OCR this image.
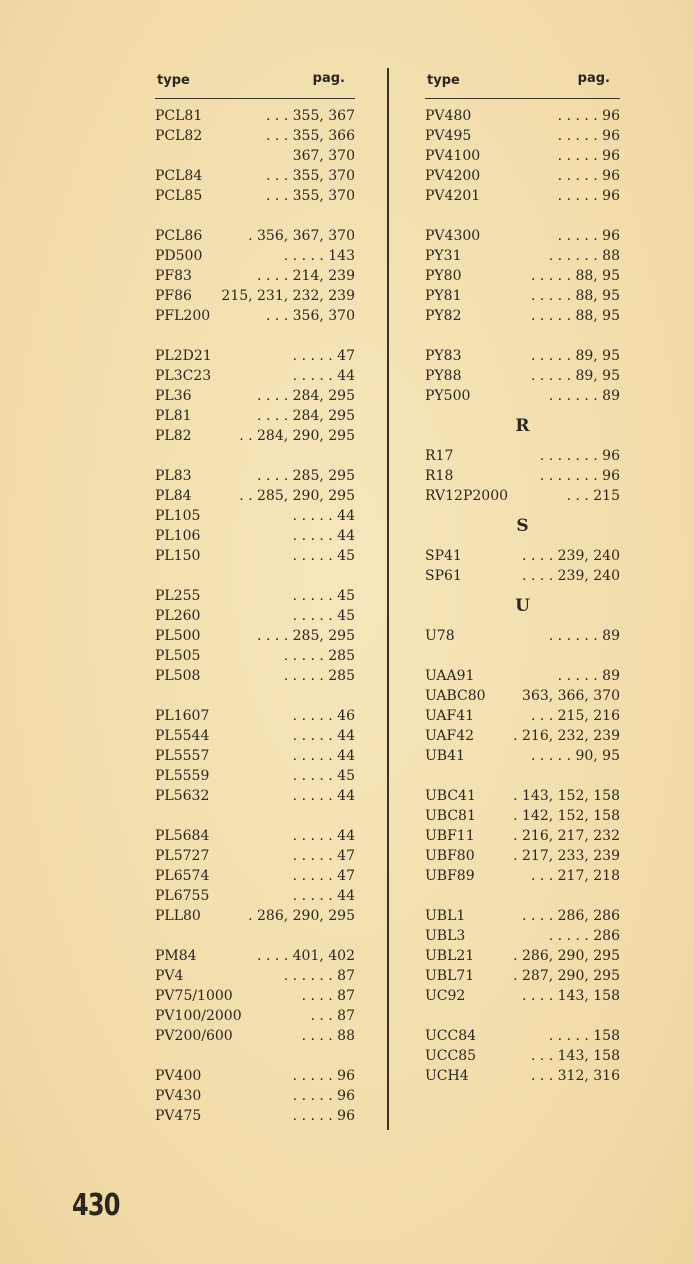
type	pag.
PCL81	. . . 355, 367
PCL82	. . . 355, 366
367, 370
PCL84	. . . 355, 370
PCL85	. . . 355, 370
PCL86	. 356, 367, 370
PD500	. . . . . 143
PF83	. . . . 214, 239
PF86 215, 231, 232, 239
PFL200	. . . 356, 370
PL2D21	. . . . . 47
PL3C23	. . . . . 44
PL36	. . . . 284, 295
PL81	. . . . 284, 295
PL82	. . 284, 290, 295
PL83	. . . . 285, 295
PL84	. . 285, 290, 295
PL105	. . . . . 44
PL106	. . . . . 44
PL150	. . . . . 45
PL255	. . . . . 45
PL260	. . . . . 45
PL500	. . . . 285, 295
PL505	. . . . . 285
PL508	. . . . . 285
PL1607	. . . . . 46
PL5544	. . . . . 44
PL5557	. . . . . 44
PL5559	. . . . . 45
PL5632	. . . . . 44
PL5684	. . . . . 44
PL5727	. . . . . 47
PL6574	. . . . . 47
PL6755	. . . . . 44
PLL80	. 286, 290, 295
PM84	. . . . 401, 402
PV4	. . . . . . 87
PV75/1000	. . . . 87
PV100/2000	. . . 87
PV200/600	. . . . 88
PV400	. . . . . 96
PV430	. . . . . 96
PV475	. . . . . 96
type	pag.
PV480	. . . . . 96
PV495	. . . . . 96
PV4100	. . . . . 96
PV4200	. . . . . 96
PV4201	. . . . . 96
PV4300	. . . . . 96
PY31	. . . . . . 88
PY80	. . . . . 88, 95
PY81	. . . . . 88, 95
PY82	. . . . . 88, 95
PY83	. . . . . 89, 95
PY88	. . . . . 89, 95
PY500	. . . . . . 89
R
R17	. . . . . . . 96
R18	. . . . . . . 96
RV12P2000	. . . 215
S
SP41	. . . . 239, 240
SP61	. . . . 239, 240
U
U78	. . . . . . 89
UAA91	. . . . . 89
UABC80	363, 366, 370
UAF41	. . . 215, 216
UAF42	. 216, 232, 239
UB41	. . . . . 90, 95
UBC41	. 143, 152, 158
UBC81	. 142, 152, 158
UBF11	. 216, 217, 232
UBF80	. 217, 233, 239
UBF89	. . . 217, 218
UBL1	. . . . 286, 286
UBL3	. . . . . 286
UBL21	. 286, 290, 295
UBL71	. 287, 290, 295
UC92	. . . . 143, 158
UCC84	. . . . . 158
UCC85	. . . 143, 158
UCH4	. . . 312, 316
430
